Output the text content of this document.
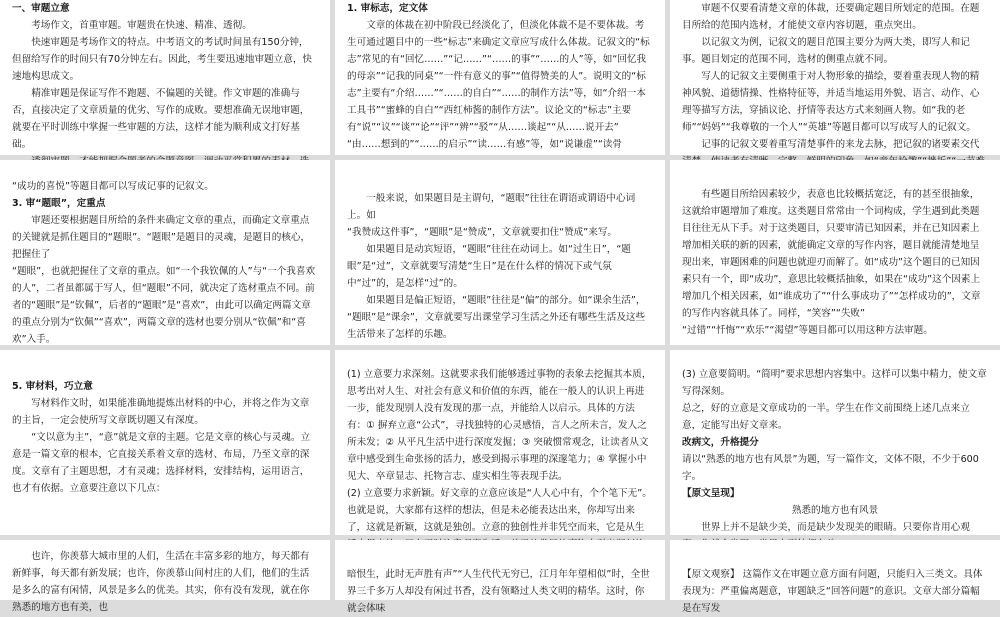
一、审题立意

考场作文，首重审题。审题贵在快速、精准、透彻。

快速审题是考场作文的特点。中考语文的考试时间虽有150分钟，但留给写作的时间只有70分钟左右。因此，考生要迅速地审题立意，快速地构思成文。

精准审题是保证写作不跑题、不偏题的关键。作文审题的准确与否，直接决定了文章质量的优劣、写作的成败。要想准确无误地审题，就要在平时训练中掌握一些审题的方法，这样才能为顺利成文打好基础。

1. 审标志，定文体

文章的体裁在初中阶段已经淡化了，但淡化体裁不是不要体裁。考生可通过题目中的一些“标志”来确定文章应写成什么体裁。记叙文的“标志”常见的有“回忆……”“记……”“……的事”“……的人”等，如“回忆我的母亲”“记我的同桌”“一件有意义的事”“值得赞美的人”。说明文的“标志”主要有“介绍……”“……的自白”“……的制作方法”等，如“介绍一本工具书”“蜜蜂的自白”“西红柿酱的制作方法”。议论文的“标志”主要有“说”“议”“谈”“论”“评”“辨”“驳”“从……谈起”“从……说开去”

“由……想到的”“……的启示”“读……有感”等，如“说谦虚”“读骨

审题不仅要看清楚文章的体裁，还要确定题目所划定的范围。在题目所给的范围内选材，才能使文章内容切题，重点突出。

以记叙文为例，记叙文的题目范围主要分为两大类，即写人和记事。题目划定的范围不同，选材的侧重点就不同。

写人的记叙文主要侧重于对人物形象的描绘，要着重表现人物的精神风貌、道德情操、性格特征等，并适当地运用外貌、语言、动作、心理等描写方法，穿插议论、抒情等表达方式来刻画人物。如“我的老师”“妈妈”“我尊敬的一个人”“英雄”等题目都可以写成写人的记叙文。

记事的记叙文要着重写清楚事件的来龙去脉，把记叙的诸要素交代

“成功的喜悦”等题目都可以写成记事的记叙文。

3. 审“题眼”，定重点

审题还要根据题目所给的条件来确定文章的重点，而确定文章重点的关键就是抓住题目的“题眼”。“题眼”是题目的灵魂，是题目的核心，把握住了

“题眼”，也就把握住了文章的重点。如“一个我钦佩的人”与“一个我喜欢的人”，二者虽都属于写人，但“题眼”不同，就决定了选材重点不同。前者的“题眼”是“钦佩”，后者的“题眼”是“喜欢”，由此可以确定两篇文章的重点分别为“钦佩”“喜欢”，两篇文章的选材也要分别从“钦佩”和“喜欢”入手。

一般来说，如果题目是主谓句，“题眼”往往在谓语或谓语中心词上。如

“我赞成这件事”，“题眼”是“赞成”，文章就要扣住“赞成”来写。

如果题目是动宾短语，“题眼”往往在动词上。如“过生日”，“题眼”是“过”，文章就要写清楚“生日”是在什么样的情况下或气氛中“过”的，是怎样“过”的。

如果题目是偏正短语，“题眼”往往是“偏”的部分。如“课余生活”，

“题眼”是“课余”，文章就要写出课堂学习生活之外还有哪些生活及这些生活带来了怎样的乐趣。

有些题目所给因素较少，表意也比较概括宽泛，有的甚至很抽象，这就给审题增加了难度。这类题目常常由一个词构成，学生遇到此类题目往往无从下手。对于这类题目，只要审清已知因素，并在已知因素上增加相关联的新的因素，就能确定文章的写作内容，题目就能清楚地呈现出来，审题困难的问题也就迎刃而解了。如“成功”这个题目的已知因素只有一个，即“成功”，意思比较概括抽象，如果在“成功”这个因素上增加几个相关因素，如“谁成功了”“什么事成功了”“怎样成功的”，文章的写作内容就具体了。同样，“笑容”“失败”

“过错”“忏悔”“欢乐”“渴望”等题目都可以用这种方法审题。

5. 审材料，巧立意

写材料作文时，如果能准确地提炼出材料的中心，并将之作为文章的主旨，一定会使所写文章既切题又有深度。

“文以意为主”，“意”就是文章的主题。它是文章的核心与灵魂。立意是一篇文章的根本，它直接关系着文章的选材、布局，乃至文章的深度。文章有了主题思想，才有灵魂；选择材料，安排结构，运用语言，也才有依据。立意要注意以下几点：

(1) 立意要力求深刻。这就要求我们能够透过事物的表象去挖掘其本质，思考出对人生、对社会有意义和价值的东西，能在一般人的认识上再进一步，能发现别人没有发现的那一点，并能给人以启示。具体的方法有：① 摒弃立意“公式”，寻找独特的心灵感悟，言人之所未言，发人之所未发；② 从平凡生活中进行深度发掘；③ 突破惯常观念，让读者从文章中感受到生命张扬的活力，感受到揭示事理的深邃笔力；④ 掌握小中见大、卒章显志、托物言志、虚实相生等表现手法。

(2) 立意要力求新颖。好文章的立意应该是“人人心中有，个个笔下无”。也就是说，大家都有这样的想法，但是未必能表达出来，你却写出来了，这就是新颖，这就是独创。立意的独创性并非凭空而来，它是从生

(3) 立意要简明。“简明”要求思想内容集中。这样可以集中精力，使文章写得深刻。

总之，好的立意是文章成功的一半。学生在作文前围绕上述几点来立意，定能写出好文章来。

改病文，升格提分

请以“熟悉的地方也有风景”为题，写一篇作文，文体不限，不少于600字。

【原文呈现】

熟悉的地方也有风景

世界上并不是缺少美，而是缺少发现美的眼睛。只要你肯用心观

也许，你羡慕大城市里的人们，生活在丰富多彩的地方，每天都有新鲜事，每天都有新发展；也许，你羡慕山间村庄的人们，他们的生活是多么的富有闲情，风景是多么的优美。其实，你有没有发现，就在你熟悉的地方也有美，也

暗恨生，此时无声胜有声”“人生代代无穷已，江月年年望相似”时，全世界三千多万人却没有闲过书香，没有领略过人类文明的精华。这时，你就会体味

【原文观察】 这篇作文在审题立意方面有问题，只能归入三类文。具体表现为：严重偏离题意，审题缺乏“回答问题”的意识。文章大部分篇幅是在写发
